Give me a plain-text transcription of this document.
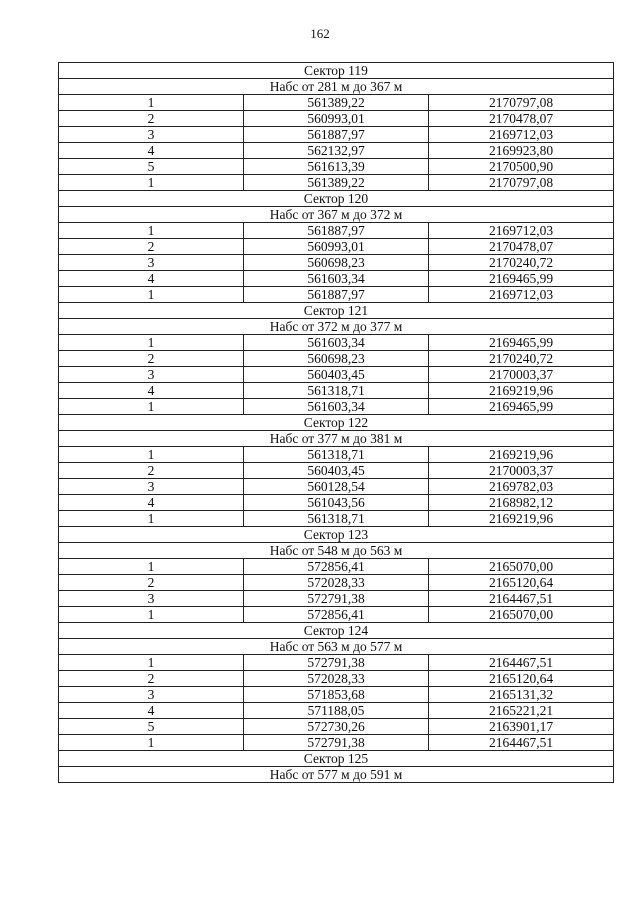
162
Сектор 119		
Набс от 281 м до 367 м		
1	561389,22	2170797,08
2	560993,01	2170478,07
3	561887,97	2169712,03
4	562132,97	2169923,80
5	561613,39	2170500,90
1	561389,22	2170797,08
Сектор 120		
Набс от 367 м до 372 м		
1	561887,97	2169712,03
2	560993,01	2170478,07
3	560698,23	2170240,72
4	561603,34	2169465,99
1	561887,97	2169712,03
Сектор 121		
Набс от 372 м до 377 м		
1	561603,34	2169465,99
2	560698,23	2170240,72
3	560403,45	2170003,37
4	561318,71	2169219,96
1	561603,34	2169465,99
Сектор 122		
Набс от 377 м до 381 м		
1	561318,71	2169219,96
2	560403,45	2170003,37
3	560128,54	2169782,03
4	561043,56	2168982,12
1	561318,71	2169219,96
Сектор 123		
Набс от 548 м до 563 м		
1	572856,41	2165070,00
2	572028,33	2165120,64
3	572791,38	2164467,51
1	572856,41	2165070,00
Сектор 124		
Набс от 563 м до 577 м		
1	572791,38	2164467,51
2	572028,33	2165120,64
3	571853,68	2165131,32
4	571188,05	2165221,21
5	572730,26	2163901,17
1	572791,38	2164467,51
Сектор 125		
Набс от 577 м до 591 м		
